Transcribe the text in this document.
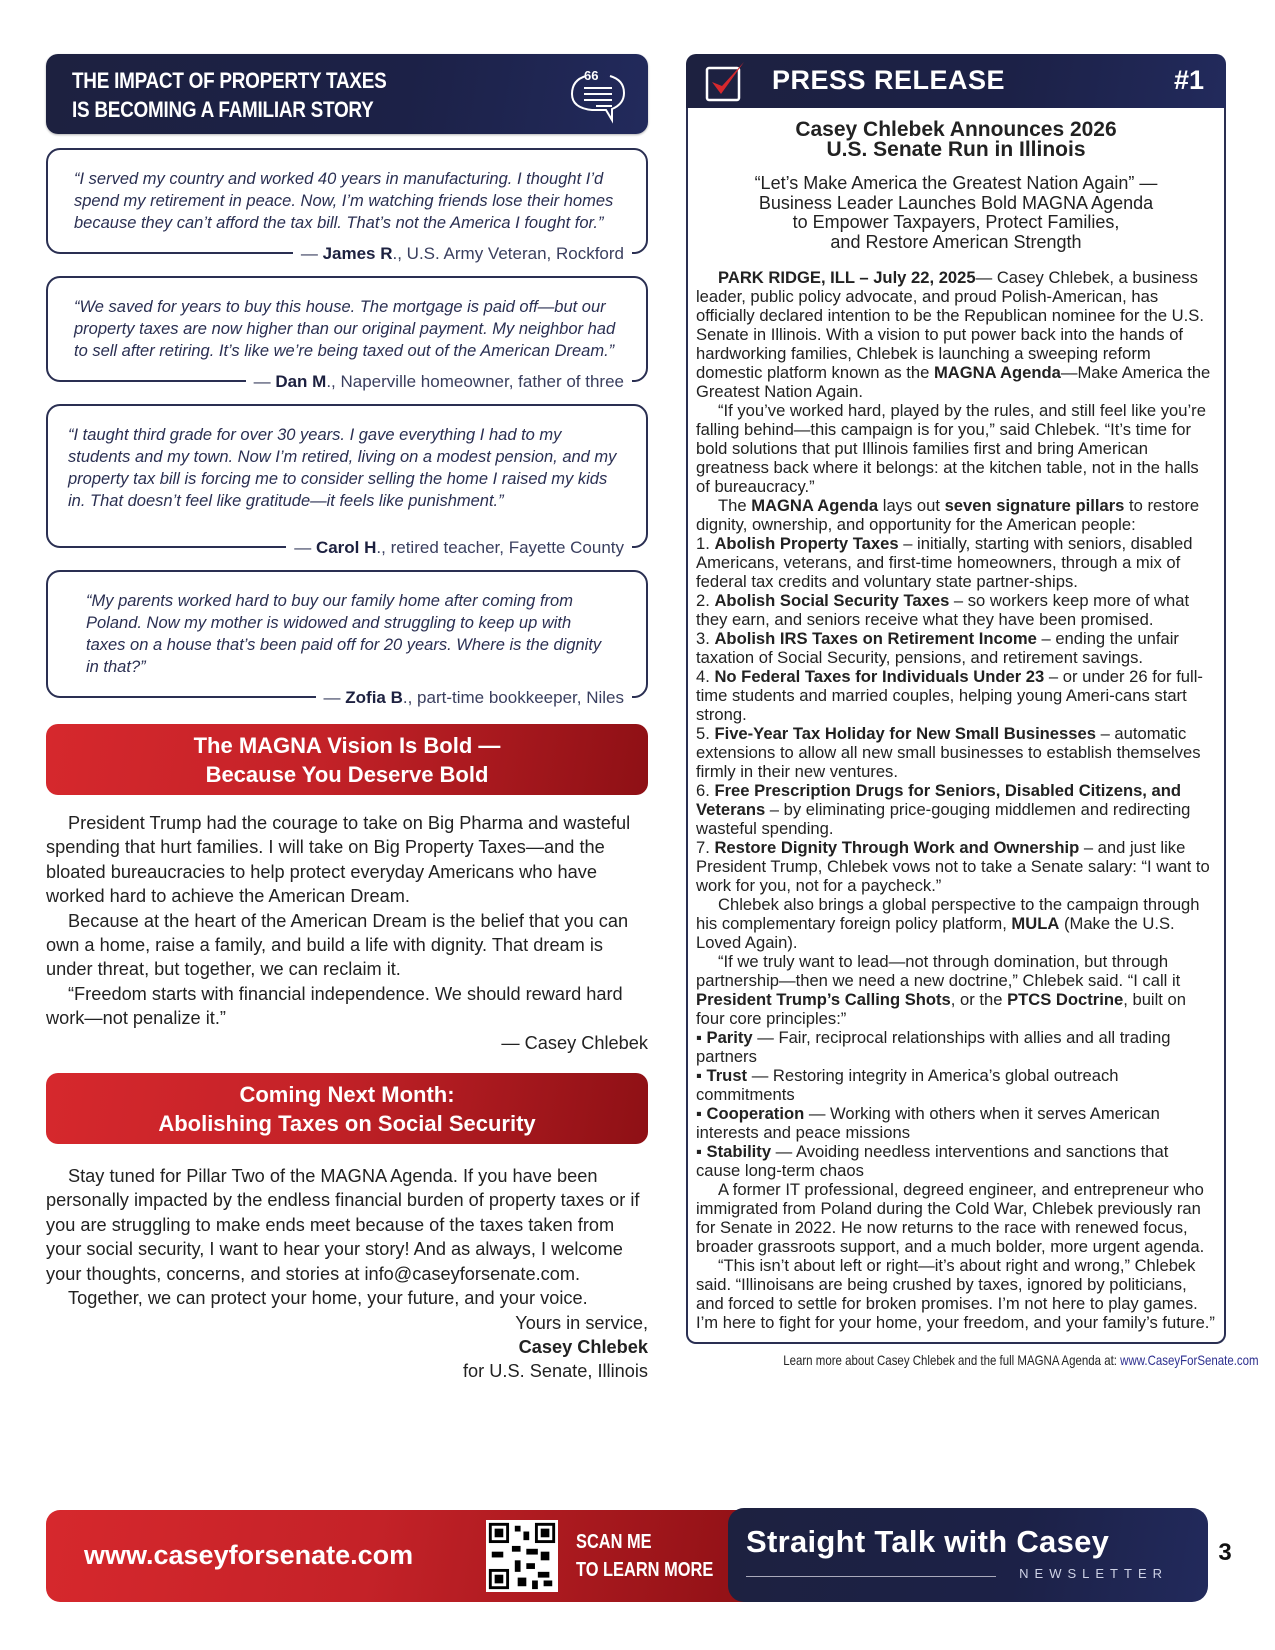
THE IMPACT OF PROPERTY TAXES
IS BECOMING A FAMILIAR STORY
66
“I served my country and worked 40 years in manufacturing. I thought I’d spend my retirement in peace. Now, I’m watching friends lose their homes because they can’t afford the tax bill. That’s not the America I fought for.”
— James R., U.S. Army Veteran, Rockford
“We saved for years to buy this house. The mortgage is paid off—but our property taxes are now higher than our original payment. My neighbor had to sell after retiring. It’s like we’re being taxed out of the American Dream.”
— Dan M., Naperville homeowner, father of three
“I taught third grade for over 30 years. I gave everything I had to my students and my town. Now I’m retired, living on a modest pension, and my property tax bill is forcing me to consider selling the home I raised my kids in. That doesn’t feel like gratitude—it feels like punishment.”
— Carol H., retired teacher, Fayette County
“My parents worked hard to buy our family home after coming from Poland. Now my mother is widowed and struggling to keep up with taxes on a house that’s been paid off for 20 years. Where is the dignity in that?”
— Zofia B., part-time bookkeeper, Niles
The MAGNA Vision Is Bold —
Because You Deserve Bold

President Trump had the courage to take on Big Pharma and wasteful spending that hurt families. I will take on Big Property Taxes—and the bloated bureaucracies to help protect everyday Americans who have worked hard to achieve the American Dream.

Because at the heart of the American Dream is the belief that you can own a home, raise a family, and build a life with dignity. That dream is under threat, but together, we can reclaim it.

“Freedom starts with financial independence. We should reward hard work—not penalize it.”

— Casey Chlebek

Coming Next Month:
Abolishing Taxes on Social Security

Stay tuned for Pillar Two of the MAGNA Agenda. If you have been personally impacted by the endless financial burden of property taxes or if you are struggling to make ends meet because of the taxes taken from your social security, I want to hear your story! And as always, I welcome your thoughts, concerns, and stories at info@caseyforsenate.com.

Together, we can protect your home, your future, and your voice.

Yours in service,

Casey Chlebek

for U.S. Senate, Illinois

PRESS RELEASE	#1
Casey Chlebek Announces 2026
U.S. Senate Run in Illinois
“Let’s Make America the Greatest Nation Again” —
Business Leader Launches Bold MAGNA Agenda
to Empower Taxpayers, Protect Families,
and Restore American Strength

PARK RIDGE, ILL – July 22, 2025— Casey Chlebek, a business leader, public policy advocate, and proud Polish-American, has officially declared intention to be the Republican nominee for the U.S. Senate in Illinois. With a vision to put power back into the hands of hardworking families, Chlebek is launching a sweeping reform domestic platform known as the MAGNA Agenda—Make America the Greatest Nation Again.

“If you’ve worked hard, played by the rules, and still feel like you’re falling behind—this campaign is for you,” said Chlebek. “It’s time for bold solutions that put Illinois families first and bring American greatness back where it belongs: at the kitchen table, not in the halls of bureaucracy.”

The MAGNA Agenda lays out seven signature pillars to restore dignity, ownership, and opportunity for the American people:

1. Abolish Property Taxes – initially, starting with seniors, disabled Americans, veterans, and first-time homeowners, through a mix of federal tax credits and voluntary state partner-ships.

2. Abolish Social Security Taxes – so workers keep more of what they earn, and seniors receive what they have been promised.

3. Abolish IRS Taxes on Retirement Income – ending the unfair taxation of Social Security, pensions, and retirement savings.

4. No Federal Taxes for Individuals Under 23 – or under 26 for full-time students and married couples, helping young Ameri-cans start strong.

5. Five-Year Tax Holiday for New Small Businesses – automatic extensions to allow all new small businesses to establish themselves firmly in their new ventures.

6. Free Prescription Drugs for Seniors, Disabled Citizens, and Veterans – by eliminating price-gouging middlemen and redirecting wasteful spending.

7. Restore Dignity Through Work and Ownership – and just like President Trump, Chlebek vows not to take a Senate salary: “I want to work for you, not for a paycheck.”

Chlebek also brings a global perspective to the campaign through his complementary foreign policy platform, MULA (Make the U.S. Loved Again).

“If we truly want to lead—not through domination, but through partnership—then we need a new doctrine,” Chlebek said. “I call it President Trump’s Calling Shots, or the PTCS Doctrine, built on four core principles:”

▪ Parity — Fair, reciprocal relationships with allies and all trading partners

▪ Trust — Restoring integrity in America’s global outreach commitments

▪ Cooperation — Working with others when it serves American interests and peace missions

▪ Stability — Avoiding needless interventions and sanctions that cause long-term chaos

A former IT professional, degreed engineer, and entrepreneur who immigrated from Poland during the Cold War, Chlebek previously ran for Senate in 2022. He now returns to the race with renewed focus, broader grassroots support, and a much bolder, more urgent agenda.

“This isn’t about left or right—it’s about right and wrong,” Chlebek said. “Illinoisans are being crushed by taxes, ignored by politicians, and forced to settle for broken promises. I’m not here to play games. I’m here to fight for your home, your freedom, and your family’s future.”

Learn more about Casey Chlebek and the full MAGNA Agenda at: www.CaseyForSenate.com
www.caseyforsenate.com	SCAN ME
TO LEARN MORE
Straight Talk with Casey
NEWSLETTER
3
